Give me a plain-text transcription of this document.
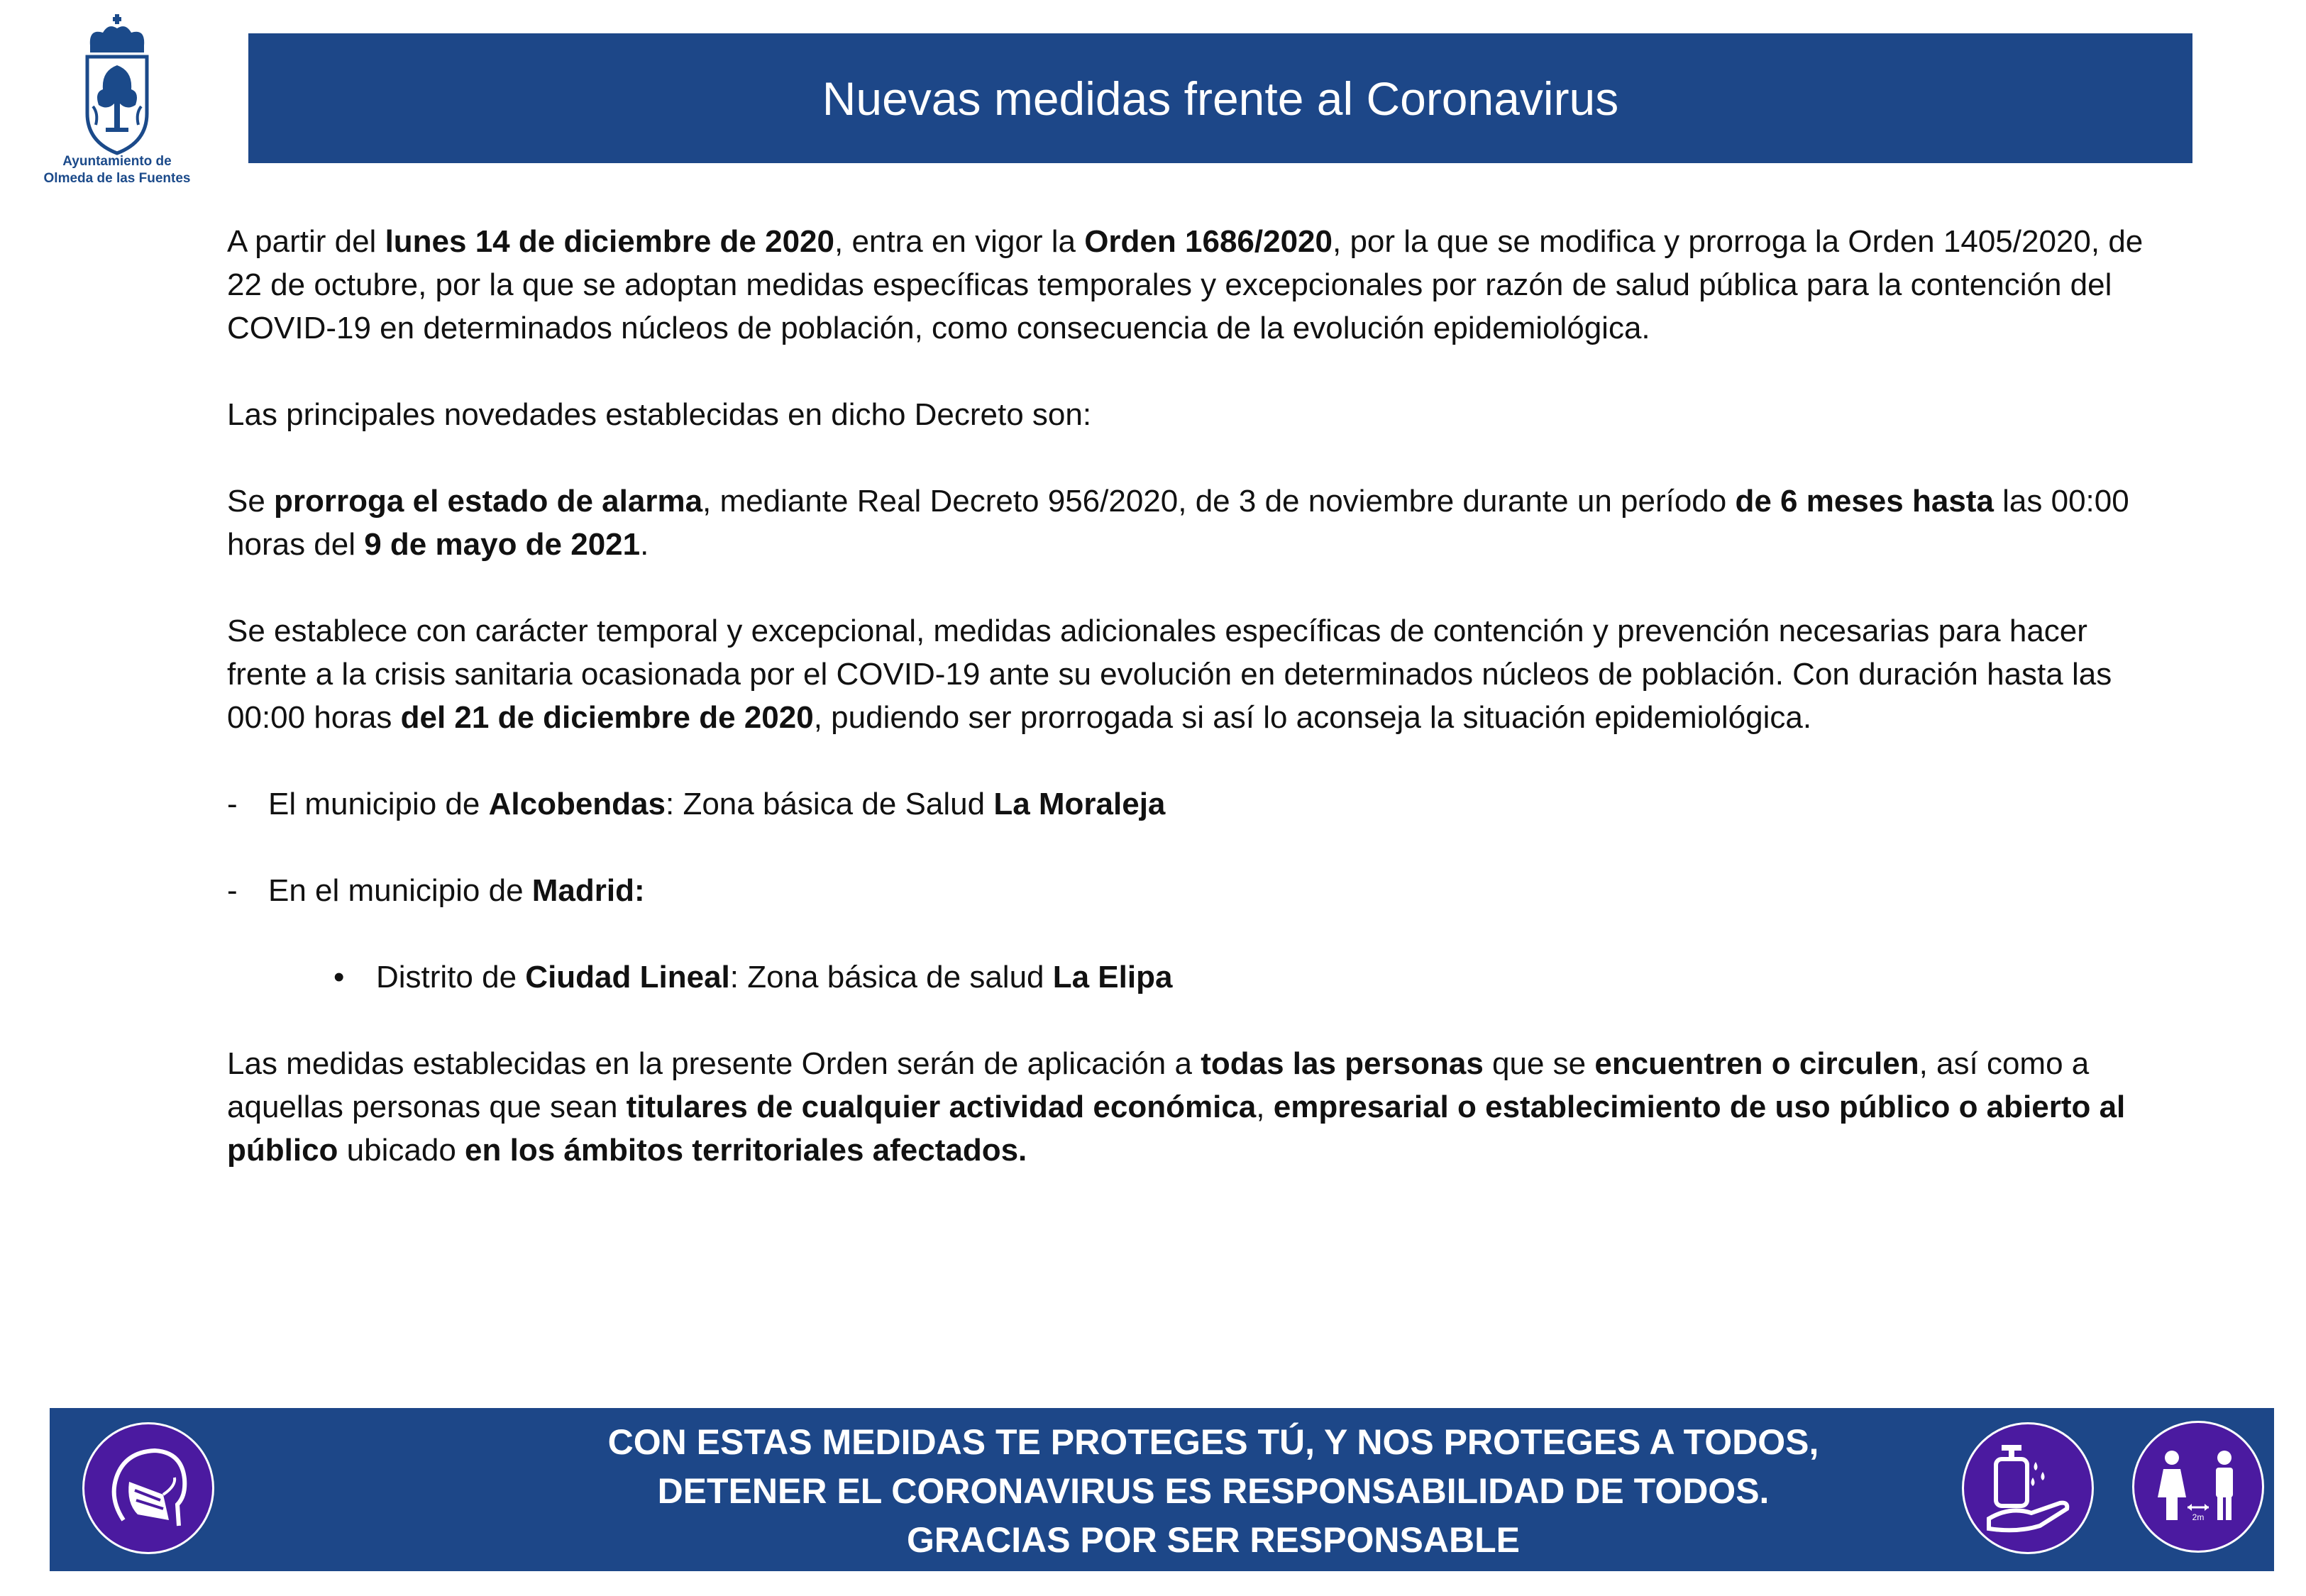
Ayuntamiento de
Olmeda de las Fuentes
Nuevas medidas frente al Coronavirus

A partir del lunes 14 de diciembre de 2020, entra en vigor la Orden 1686/2020, por la que se modifica y prorroga la Orden 1405/2020, de 22 de octubre, por la que se adoptan medidas específicas temporales y excepcionales por razón de salud pública para la contención del COVID-19 en determinados núcleos de población, como consecuencia de la evolución epidemiológica.

Las principales novedades establecidas en dicho Decreto son:

Se prorroga el estado de alarma, mediante Real Decreto 956/2020, de 3 de noviembre durante un período de 6 meses hasta las 00:00 horas del 9 de mayo de 2021.

Se establece con carácter temporal y excepcional, medidas adicionales específicas de contención y prevención necesarias para hacer frente a la crisis sanitaria ocasionada por el COVID-19 ante su evolución en determinados núcleos de población. Con duración hasta las 00:00 horas del 21 de diciembre de 2020, pudiendo ser prorrogada si así lo aconseja la situación epidemiológica.

- El municipio de Alcobendas: Zona básica de Salud La Moraleja
- En el municipio de Madrid:
• Distrito de Ciudad Lineal: Zona básica de salud La Elipa

Las medidas establecidas en la presente Orden serán de aplicación a todas las personas que se encuentren o circulen, así como a aquellas personas que sean titulares de cualquier actividad económica, empresarial o establecimiento de uso público o abierto al público ubicado en los ámbitos territoriales afectados.

CON ESTAS MEDIDAS TE PROTEGES TÚ, Y NOS PROTEGES A TODOS,
DETENER EL CORONAVIRUS ES RESPONSABILIDAD DE TODOS.
GRACIAS POR SER RESPONSABLE
2m
